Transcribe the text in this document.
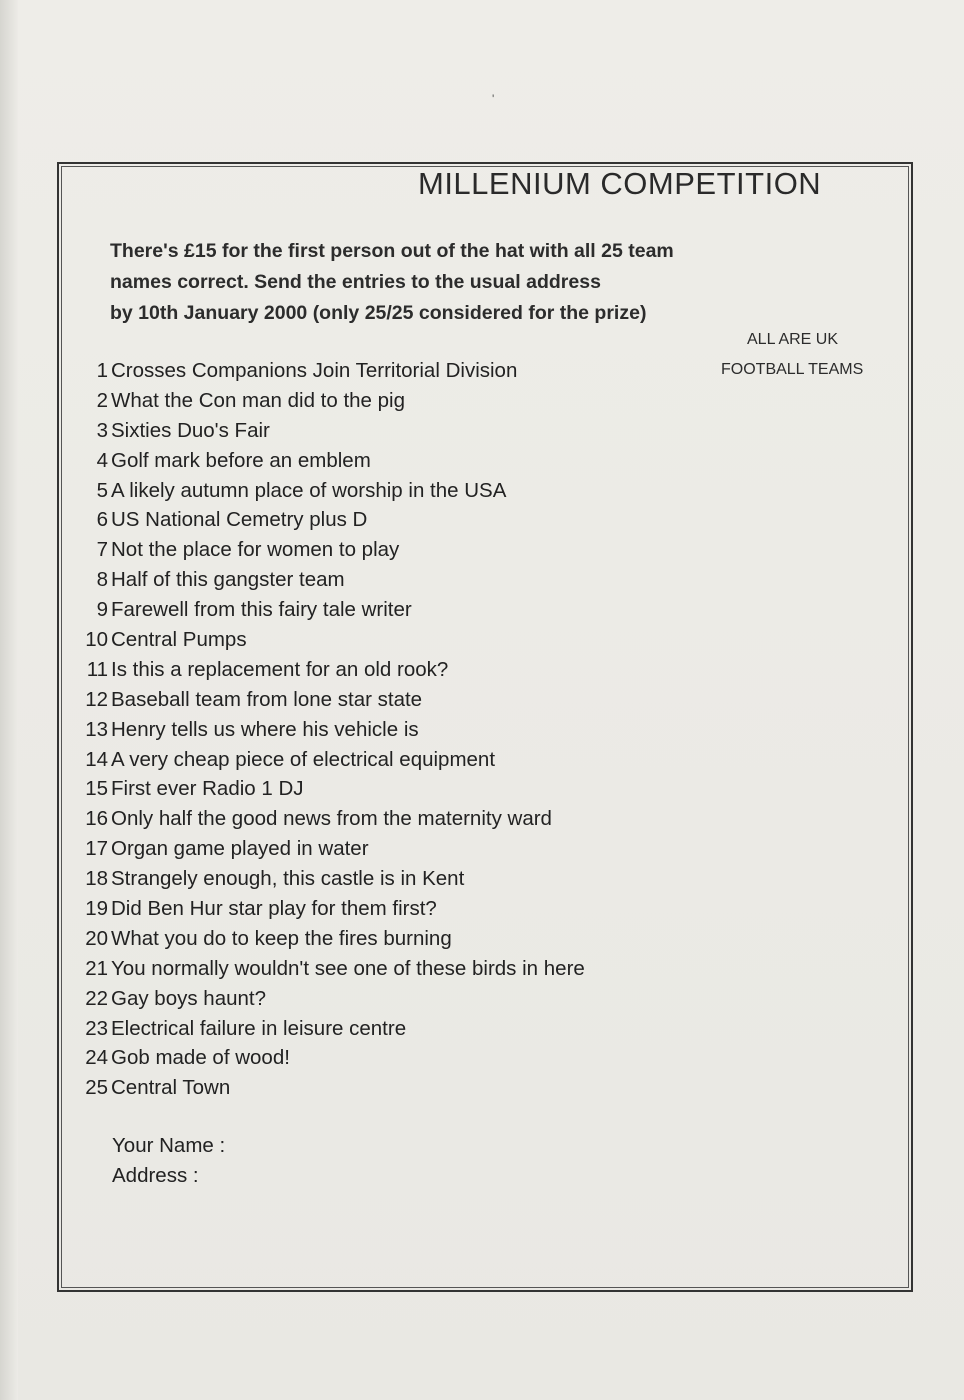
'
MILLENIUM COMPETITION
There's £15 for the first person out of the hat with all 25 team
names correct. Send the entries to the usual address
by 10th January 2000 (only 25/25 considered for the prize)
ALL ARE UK
FOOTBALL TEAMS
1 Crosses Companions Join Territorial Division
2 What the Con man did to the pig
3 Sixties Duo's Fair
4 Golf mark before an emblem
5 A likely autumn place of worship in the USA
6 US National Cemetry plus D
7 Not the place for women to play
8 Half of this gangster team
9 Farewell from this fairy tale writer
10 Central Pumps
11 Is this a replacement for an old rook?
12 Baseball team from lone star state
13 Henry tells us where his vehicle is
14 A very cheap piece of electrical equipment
15 First ever Radio 1 DJ
16 Only half the good news from the maternity ward
17 Organ game played in water
18 Strangely enough, this castle is in Kent
19 Did Ben Hur star play for them first?
20 What you do to keep the fires burning
21 You normally wouldn't see one of these birds in here
22 Gay boys haunt?
23 Electrical failure in leisure centre
24 Gob made of wood!
25 Central Town
Your Name :
Address :
